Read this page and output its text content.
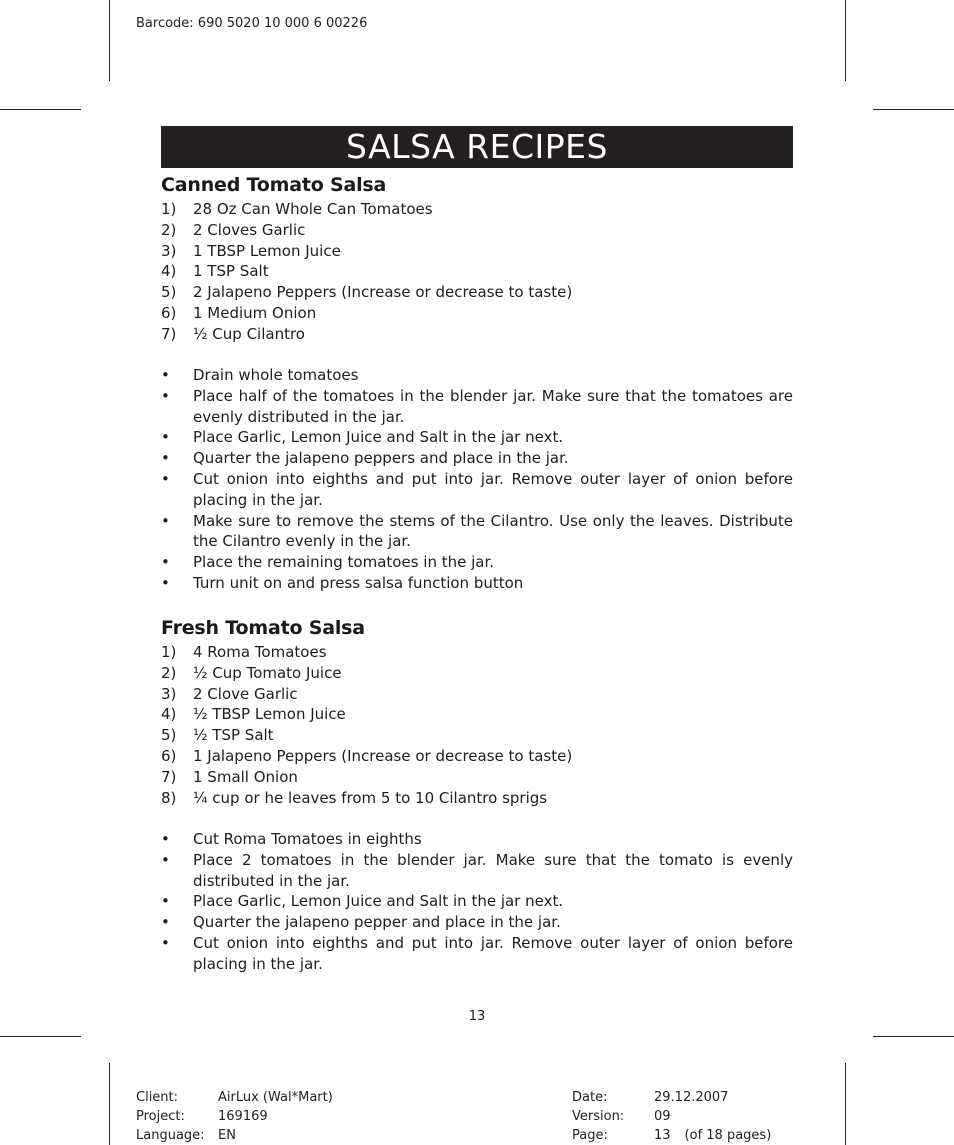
Barcode: 690 5020 10 000 6 00226
SALSA RECIPES
Canned Tomato Salsa
1) 28 Oz Can Whole Can Tomatoes
2) 2 Cloves Garlic
3) 1 TBSP Lemon Juice
4) 1 TSP Salt
5) 2 Jalapeno Peppers (Increase or decrease to taste)
6) 1 Medium Onion
7) ½ Cup Cilantro
• Drain whole tomatoes
• Place half of the tomatoes in the blender jar. Make sure that the tomatoes are evenly distributed in the jar.
• Place Garlic, Lemon Juice and Salt in the jar next.
• Quarter the jalapeno peppers and place in the jar.
• Cut onion into eighths and put into jar. Remove outer layer of onion before placing in the jar.
• Make sure to remove the stems of the Cilantro. Use only the leaves. Distribute the Cilantro evenly in the jar.
• Place the remaining tomatoes in the jar.
• Turn unit on and press salsa function button
Fresh Tomato Salsa
1) 4 Roma Tomatoes
2) ½ Cup Tomato Juice
3) 2 Clove Garlic
4) ½ TBSP Lemon Juice
5) ½ TSP Salt
6) 1 Jalapeno Peppers (Increase or decrease to taste)
7) 1 Small Onion
8) ¼ cup or he leaves from 5 to 10 Cilantro sprigs
• Cut Roma Tomatoes in eighths
• Place 2 tomatoes in the blender jar. Make sure that the tomato is evenly distributed in the jar.
• Place Garlic, Lemon Juice and Salt in the jar next.
• Quarter the jalapeno pepper and place in the jar.
• Cut onion into eighths and put into jar. Remove outer layer of onion before placing in the jar.
13
Client:	AirLux (Wal*Mart)
Project:	169169
Language:	EN
Date:	29.12.2007
Version:	09
Page:	13 (of 18 pages)
